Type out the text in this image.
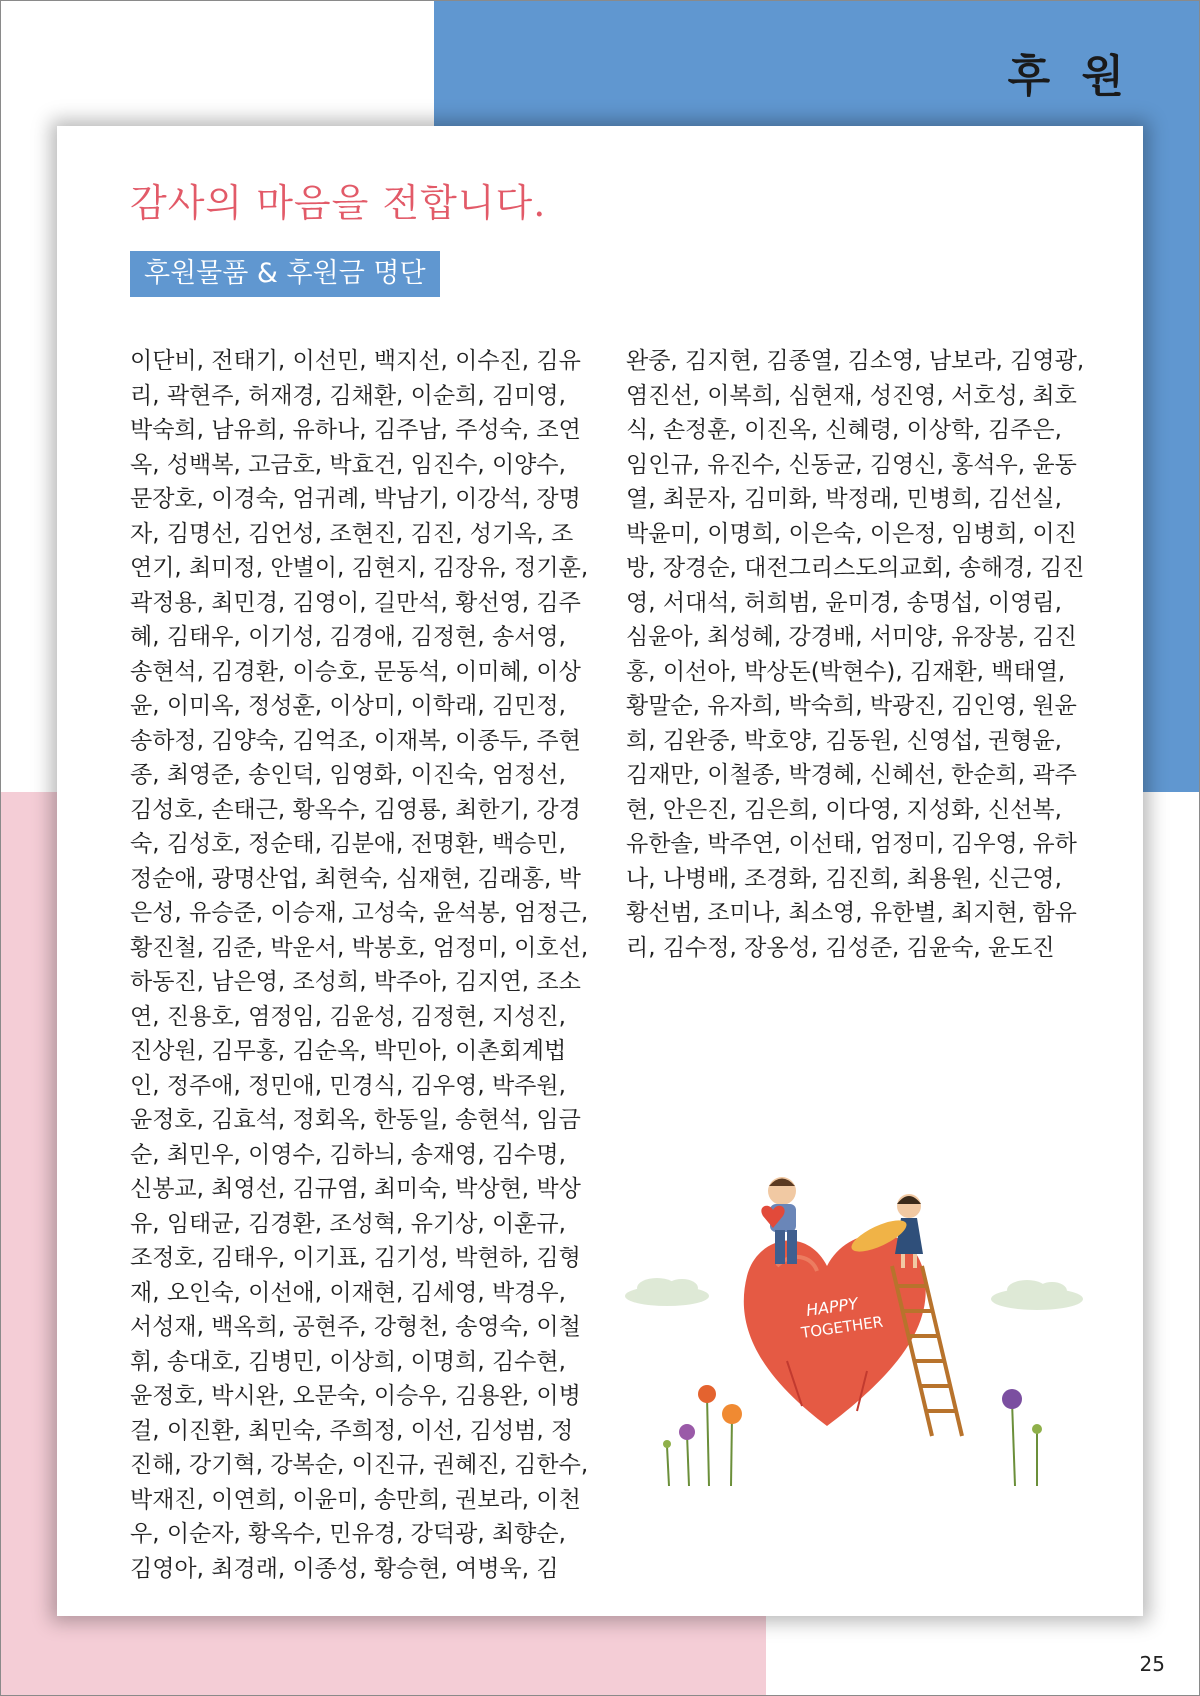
후 원
감사의 마음을 전합니다.
후원물품 & 후원금 명단

이단비, 전태기, 이선민, 백지선, 이수진, 김유리, 곽현주, 허재경, 김채환, 이순희, 김미영, 박숙희, 남유희, 유하나, 김주남, 주성숙, 조연옥, 성백복, 고금호, 박효건, 임진수, 이양수, 문장호, 이경숙, 엄귀례, 박남기, 이강석, 장명자, 김명선, 김언성, 조현진, 김진, 성기옥, 조연기, 최미정, 안별이, 김현지, 김장유, 정기훈, 곽정용, 최민경, 김영이, 길만석, 황선영, 김주혜, 김태우, 이기성, 김경애, 김정현, 송서영, 송현석, 김경환, 이승호, 문동석, 이미혜, 이상윤, 이미옥, 정성훈, 이상미, 이학래, 김민정, 송하정, 김양숙, 김억조, 이재복, 이종두, 주현종, 최영준, 송인덕, 임영화, 이진숙, 엄정선, 김성호, 손태근, 황옥수, 김영룡, 최한기, 강경숙, 김성호, 정순태, 김분애, 전명환, 백승민, 정순애, 광명산업, 최현숙, 심재현, 김래홍, 박은성, 유승준, 이승재, 고성숙, 윤석봉, 엄정근, 황진철, 김준, 박운서, 박봉호, 엄정미, 이호선, 하동진, 남은영, 조성희, 박주아, 김지연, 조소연, 진용호, 염정임, 김윤성, 김정현, 지성진, 진상원, 김무홍, 김순옥, 박민아, 이촌회계법인, 정주애, 정민애, 민경식, 김우영, 박주원, 윤정호, 김효석, 정회옥, 한동일, 송현석, 임금순, 최민우, 이영수, 김하늬, 송재영, 김수명, 신봉교, 최영선, 김규염, 최미숙, 박상현, 박상유, 임태균, 김경환, 조성혁, 유기상, 이훈규, 조정호, 김태우, 이기표, 김기성, 박현하, 김형재, 오인숙, 이선애, 이재현, 김세영, 박경우, 서성재, 백옥희, 공현주, 강형천, 송영숙, 이철휘, 송대호, 김병민, 이상희, 이명희, 김수현, 윤정호, 박시완, 오문숙, 이승우, 김용완, 이병걸, 이진환, 최민숙, 주희정, 이선, 김성범, 정진해, 강기혁, 강복순, 이진규, 권혜진, 김한수, 박재진, 이연희, 이윤미, 송만희, 권보라, 이천우, 이순자, 황옥수, 민유경, 강덕광, 최향순, 김영아, 최경래, 이종성, 황승현, 여병욱, 김

완중, 김지현, 김종열, 김소영, 남보라, 김영광, 염진선, 이복희, 심현재, 성진영, 서호성, 최호식, 손정훈, 이진옥, 신혜령, 이상학, 김주은, 임인규, 유진수, 신동균, 김영신, 홍석우, 윤동열, 최문자, 김미화, 박정래, 민병희, 김선실, 박윤미, 이명희, 이은숙, 이은정, 임병희, 이진방, 장경순, 대전그리스도의교회, 송해경, 김진영, 서대석, 허희범, 윤미경, 송명섭, 이영림, 심윤아, 최성혜, 강경배, 서미양, 유장봉, 김진홍, 이선아, 박상돈(박현수), 김재환, 백태열, 황말순, 유자희, 박숙희, 박광진, 김인영, 원윤희, 김완중, 박호양, 김동원, 신영섭, 권형윤, 김재만, 이철종, 박경혜, 신혜선, 한순희, 곽주현, 안은진, 김은희, 이다영, 지성화, 신선복, 유한솔, 박주연, 이선태, 엄정미, 김우영, 유하나, 나병배, 조경화, 김진희, 최용원, 신근영, 황선범, 조미나, 최소영, 유한별, 최지현, 함유리, 김수정, 장옹성, 김성준, 김윤숙, 윤도진

HAPPY
TOGETHER

25
